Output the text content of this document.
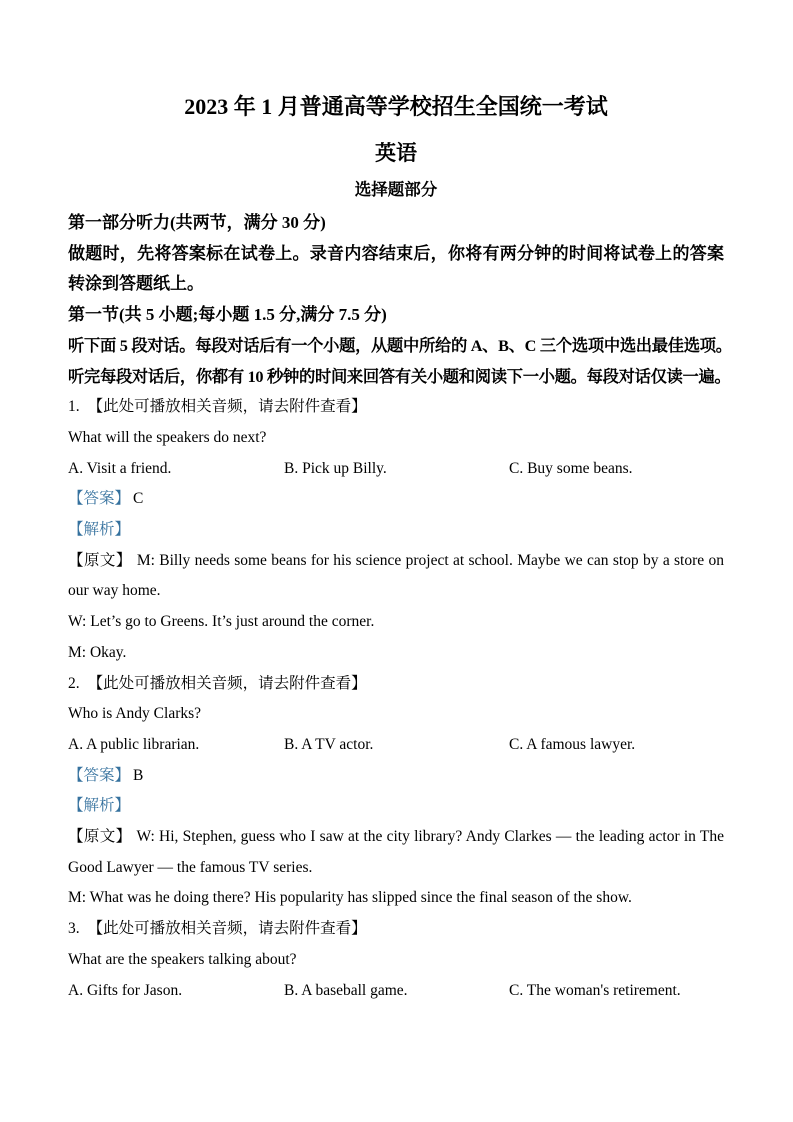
2023 年 1 月普通高等学校招生全国统一考试
英语
选择题部分

第一部分听力(共两节，满分 30 分)

做题时，先将答案标在试卷上。录音内容结束后，你将有两分钟的时间将试卷上的答案转涂到答题纸上。

第一节(共 5 小题;每小题 1.5 分,满分 7.5 分)

听下面 5 段对话。每段对话后有一个小题，从题中所给的 A、B、C 三个选项中选出最佳选项。

听完每段对话后，你都有 10 秒钟的时间来回答有关小题和阅读下一小题。每段对话仅读一遍。

1. 【此处可播放相关音频，请去附件查看】

What will the speakers do next?

A. Visit a friend.	B. Pick up Billy.	C. Buy some beans.

【答案】 C

【解析】

【原文】 M: Billy needs some beans for his science project at school. Maybe we can stop by a store on our way home.

W: Let’s go to Greens. It’s just around the corner.

M: Okay.

2. 【此处可播放相关音频，请去附件查看】

Who is Andy Clarks?

A. A public librarian.	B. A TV actor.	C. A famous lawyer.

【答案】 B

【解析】

【原文】 W: Hi, Stephen, guess who I saw at the city library? Andy Clarkes — the leading actor in The Good Lawyer — the famous TV series.

M: What was he doing there? His popularity has slipped since the final season of the show.

3. 【此处可播放相关音频，请去附件查看】

What are the speakers talking about?

A. Gifts for Jason.	B. A baseball game.	C. The woman's retirement.
